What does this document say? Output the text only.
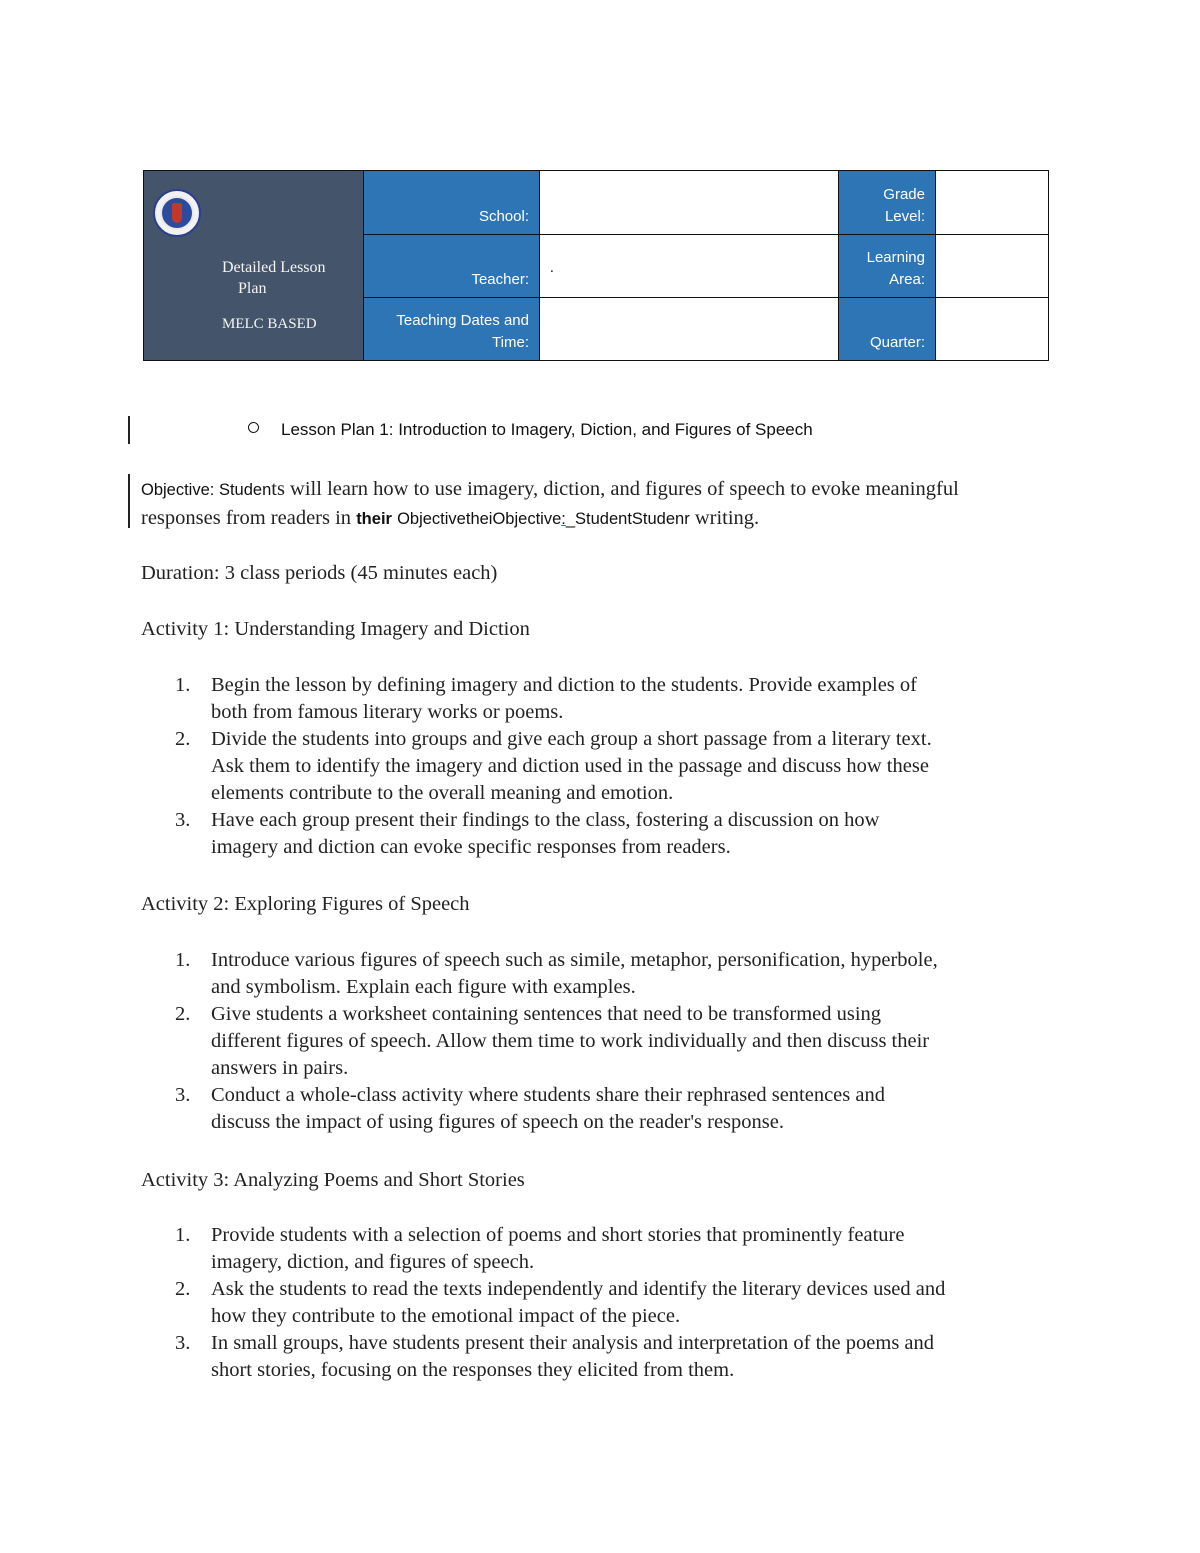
Detailed Lesson
Plan
MELC BASED
School:
Grade
Level:
Teacher:
.
Learning
Area:
Teaching Dates and
Time:	Quarter:
Lesson Plan 1: Introduction to Imagery, Diction, and Figures of Speech
Objective: Students will learn how to use imagery, diction, and figures of speech to evoke meaningful responses from readers in their ObjectivetheiObjective:_StudentStudenr writing.
Duration: 3 class periods (45 minutes each)
Activity 1: Understanding Imagery and Diction
1. Begin the lesson by defining imagery and diction to the students. Provide examples of
both from famous literary works or poems.
2. Divide the students into groups and give each group a short passage from a literary text.
Ask them to identify the imagery and diction used in the passage and discuss how these
elements contribute to the overall meaning and emotion.
3. Have each group present their findings to the class, fostering a discussion on how
imagery and diction can evoke specific responses from readers.
Activity 2: Exploring Figures of Speech
1. Introduce various figures of speech such as simile, metaphor, personification, hyperbole,
and symbolism. Explain each figure with examples.
2. Give students a worksheet containing sentences that need to be transformed using
different figures of speech. Allow them time to work individually and then discuss their
answers in pairs.
3. Conduct a whole-class activity where students share their rephrased sentences and
discuss the impact of using figures of speech on the reader's response.
Activity 3: Analyzing Poems and Short Stories
1. Provide students with a selection of poems and short stories that prominently feature
imagery, diction, and figures of speech.
2. Ask the students to read the texts independently and identify the literary devices used and
how they contribute to the emotional impact of the piece.
3. In small groups, have students present their analysis and interpretation of the poems and
short stories, focusing on the responses they elicited from them.
